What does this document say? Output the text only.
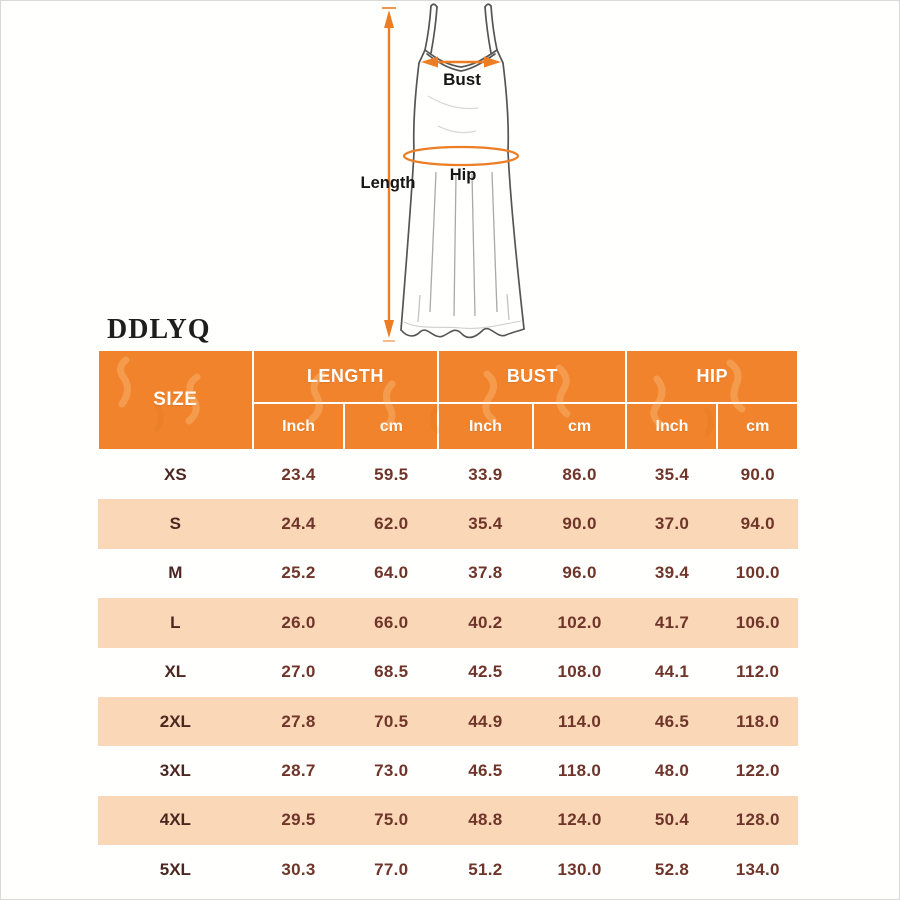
Bust
Hip
Length
DDLYQ
SIZE	LENGTH		BUST		HIP	
	Inch	cm	Inch	cm	Inch	cm
XS	23.4	59.5	33.9	86.0	35.4	90.0
S	24.4	62.0	35.4	90.0	37.0	94.0
M	25.2	64.0	37.8	96.0	39.4	100.0
L	26.0	66.0	40.2	102.0	41.7	106.0
XL	27.0	68.5	42.5	108.0	44.1	112.0
2XL	27.8	70.5	44.9	114.0	46.5	118.0
3XL	28.7	73.0	46.5	118.0	48.0	122.0
4XL	29.5	75.0	48.8	124.0	50.4	128.0
5XL	30.3	77.0	51.2	130.0	52.8	134.0
